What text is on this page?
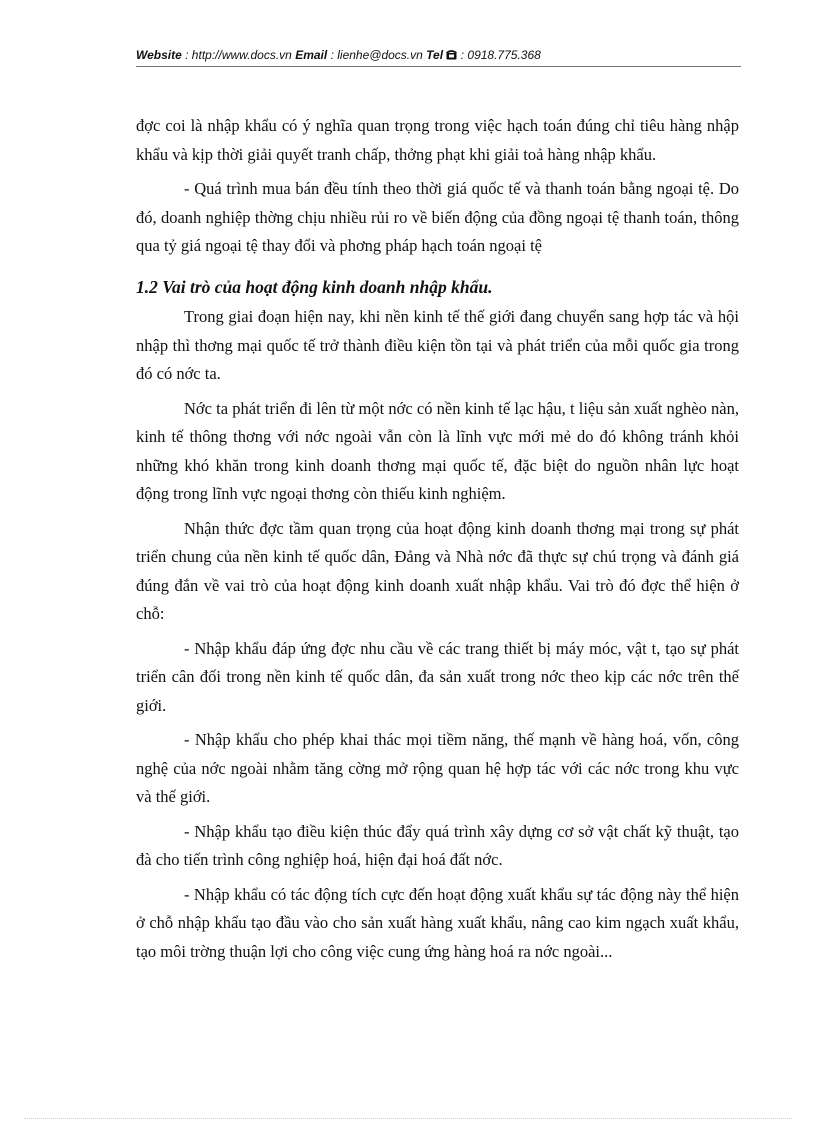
Website : http://www.docs.vn Email : lienhe@docs.vn Tel : 0918.775.368

đợc coi là nhập khẩu có ý nghĩa quan trọng trong việc hạch toán đúng chỉ tiêu hàng nhập khẩu và kịp thời giải quyết tranh chấp, thởng phạt khi giải toả hàng nhập khẩu.

- Quá trình mua bán đều tính theo thời giá quốc tế và thanh toán bằng ngoại tệ. Do đó, doanh nghiệp thờng chịu nhiều rủi ro về biến động của đồng ngoại tệ thanh toán, thông qua tỷ giá ngoại tệ thay đổi và phơng pháp hạch toán ngoại tệ

1.2 Vai trò của hoạt động kinh doanh nhập khẩu.

Trong giai đoạn hiện nay, khi nền kinh tế thế giới đang chuyển sang hợp tác và hội nhập thì thơng mại quốc tế trở thành điều kiện tồn tại và phát triển của mỗi quốc gia trong đó có nớc ta.

Nớc ta phát triển đi lên từ một nớc có nền kinh tế lạc hậu, t liệu sản xuất nghèo nàn, kinh tế thông thơng với nớc ngoài vẫn còn là lĩnh vực mới mẻ do đó không tránh khỏi những khó khăn trong kinh doanh thơng mại quốc tế, đặc biệt do nguồn nhân lực hoạt động trong lĩnh vực ngoại thơng còn thiếu kinh nghiệm.

Nhận thức đợc tầm quan trọng của hoạt động kinh doanh thơng mại trong sự phát triển chung của nền kinh tế quốc dân, Đảng và Nhà nớc đã thực sự chú trọng và đánh giá đúng đắn về vai trò của hoạt động kinh doanh xuất nhập khẩu. Vai trò đó đợc thể hiện ở chỗ:

- Nhập khẩu đáp ứng đợc nhu cầu về các trang thiết bị máy móc, vật t, tạo sự phát triển cân đối trong nền kinh tế quốc dân, đa sản xuất trong nớc theo kịp các nớc trên thế giới.

- Nhập khẩu cho phép khai thác mọi tiềm năng, thế mạnh về hàng hoá, vốn, công nghệ của nớc ngoài nhằm tăng cờng mở rộng quan hệ hợp tác với các nớc trong khu vực và thế giới.

- Nhập khẩu tạo điều kiện thúc đẩy quá trình xây dựng cơ sở vật chất kỹ thuật, tạo đà cho tiến trình công nghiệp hoá, hiện đại hoá đất nớc.

- Nhập khẩu có tác động tích cực đến hoạt động xuất khẩu sự tác động này thể hiện ở chỗ nhập khẩu tạo đầu vào cho sản xuất hàng xuất khẩu, nâng cao kim ngạch xuất khẩu, tạo môi trờng thuận lợi cho công việc cung ứng hàng hoá ra nớc ngoài...
